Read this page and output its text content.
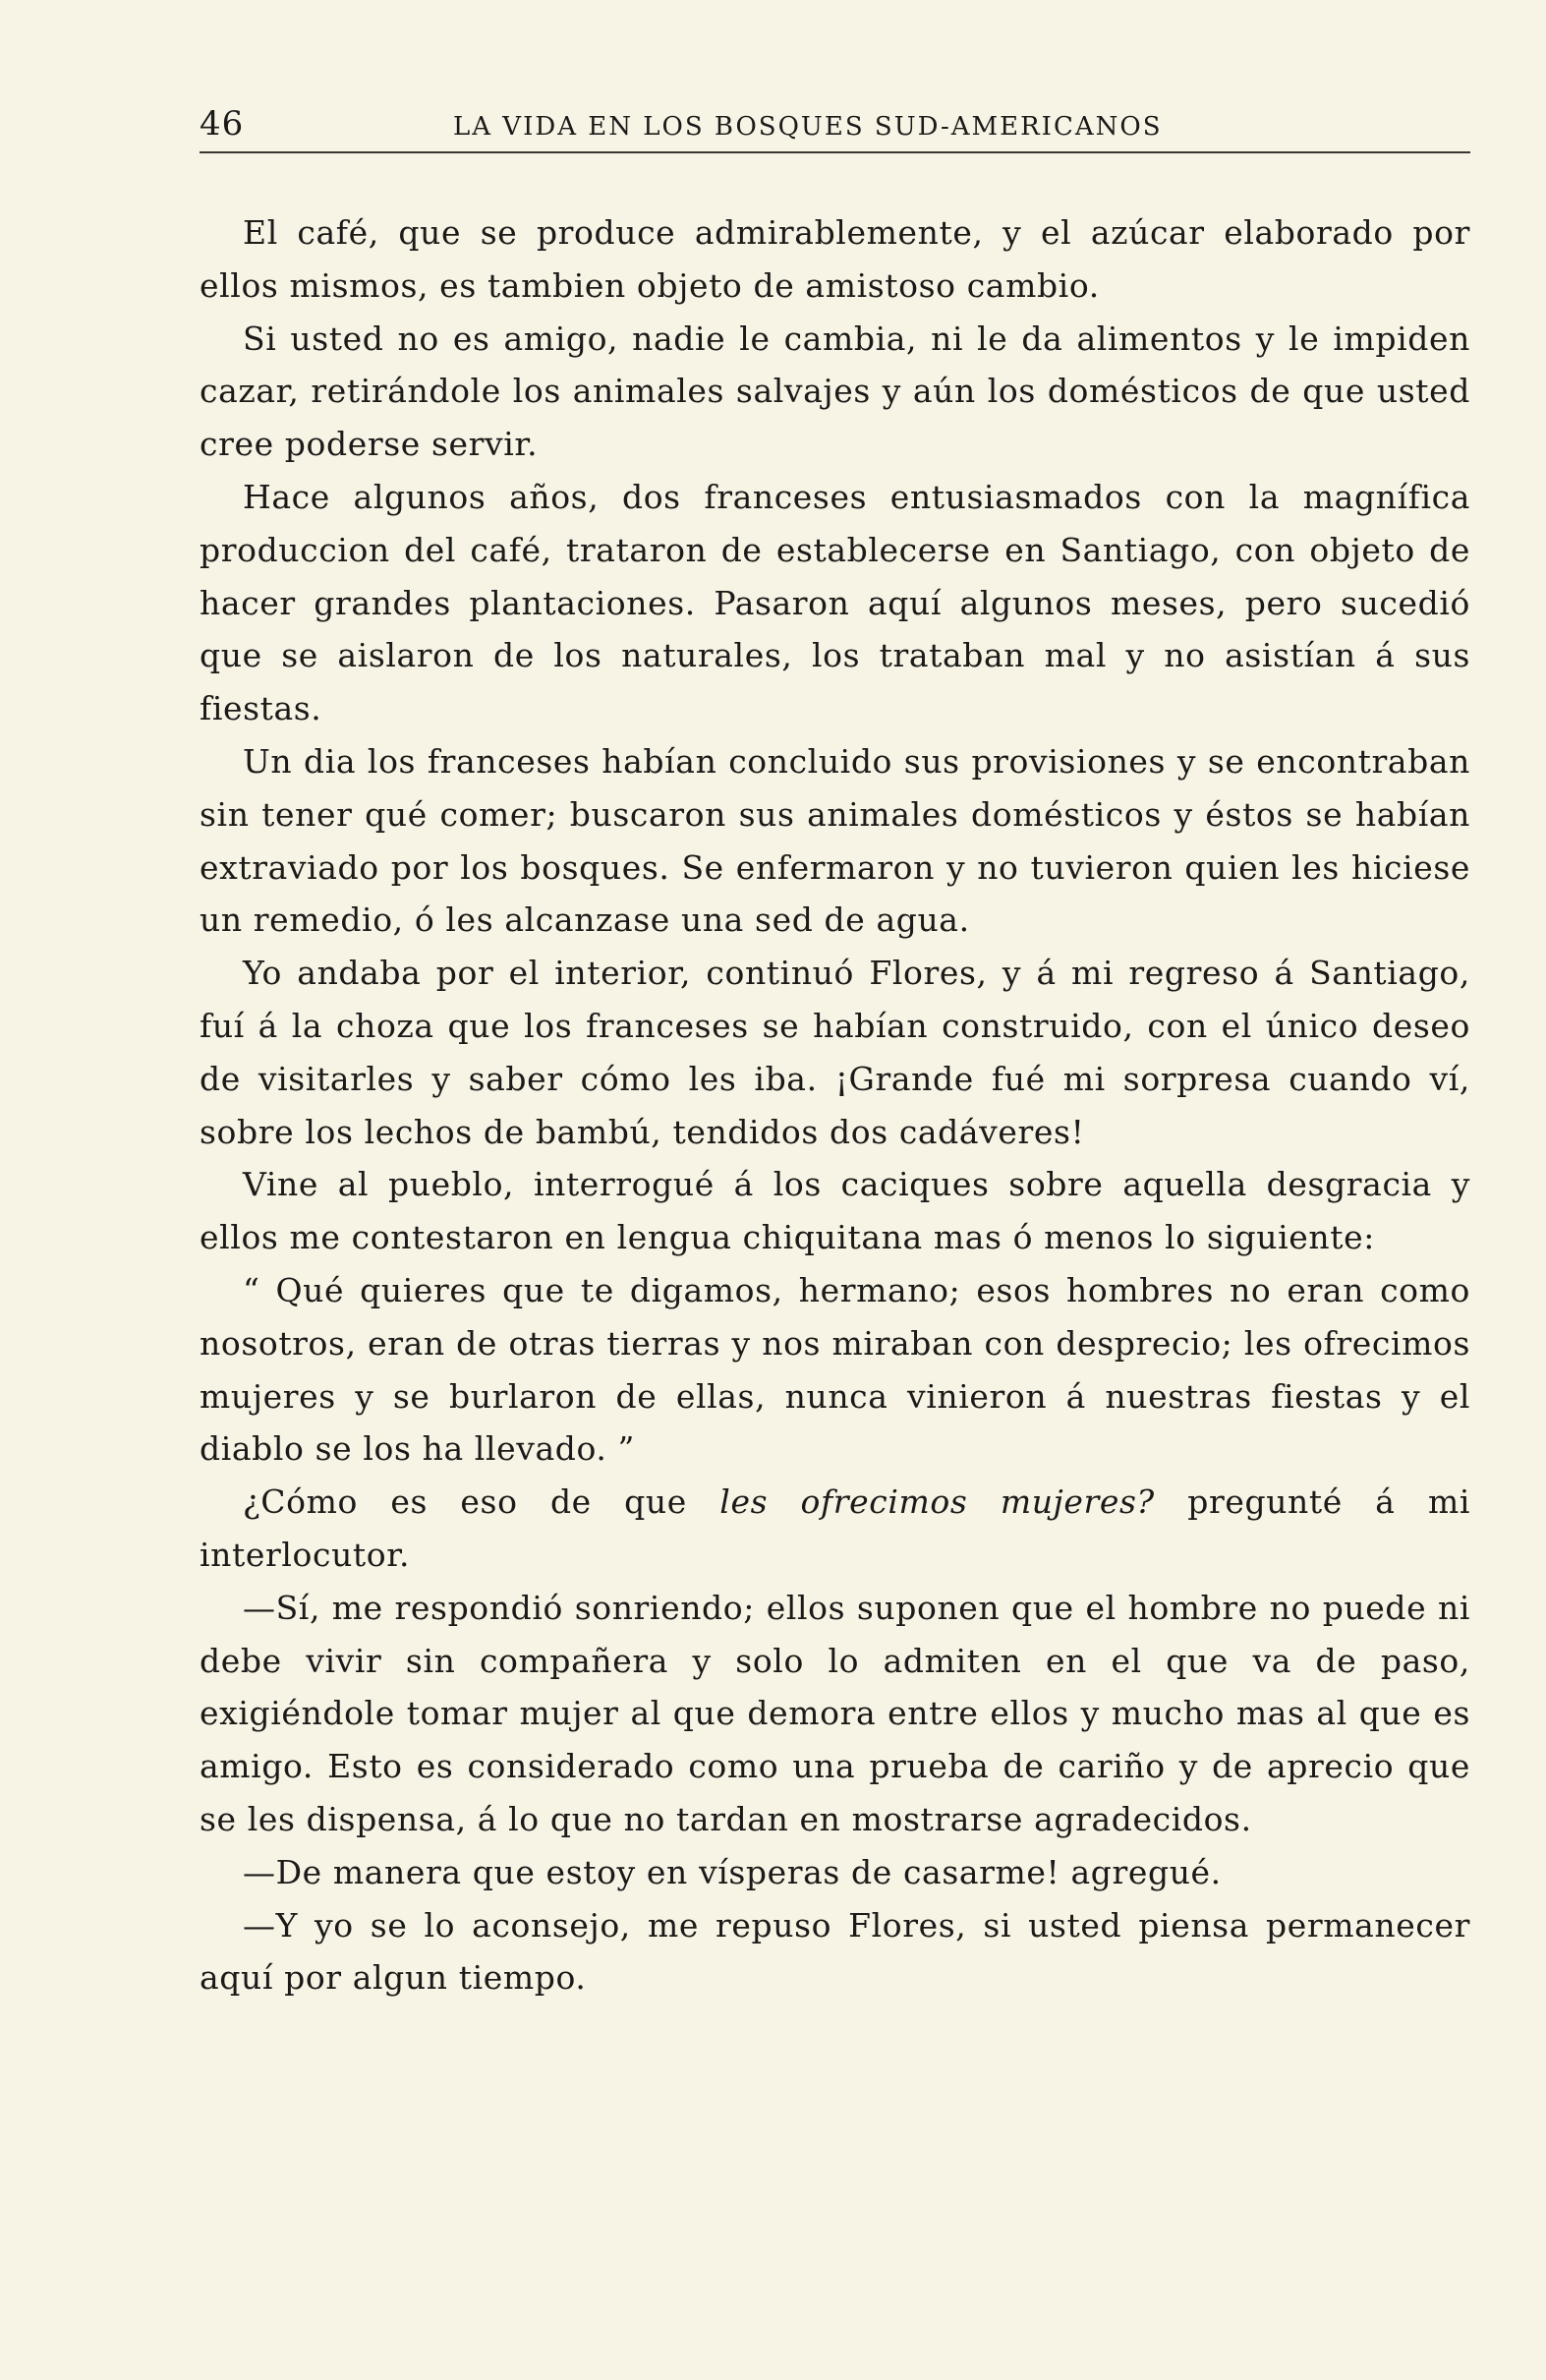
46	LA VIDA EN LOS BOSQUES SUD-AMERICANOS

El café, que se produce admirablemente, y el azúcar elaborado por ellos mismos, es tambien objeto de amistoso cambio.

Si usted no es amigo, nadie le cambia, ni le da alimentos y le impiden cazar, retirándole los animales salvajes y aún los domésticos de que usted cree poderse servir.

Hace algunos años, dos franceses entusiasmados con la magnífica produccion del café, trataron de establecerse en Santiago, con objeto de hacer grandes plantaciones. Pasaron aquí algunos meses, pero sucedió que se aislaron de los naturales, los trataban mal y no asistían á sus fiestas.

Un dia los franceses habían concluido sus provisiones y se encontraban sin tener qué comer; buscaron sus animales domésticos y éstos se habían extraviado por los bosques. Se enfermaron y no tuvieron quien les hiciese un remedio, ó les alcanzase una sed de agua.

Yo andaba por el interior, continuó Flores, y á mi regreso á Santiago, fuí á la choza que los franceses se habían construido, con el único deseo de visitarles y saber cómo les iba. ¡Grande fué mi sorpresa cuando ví, sobre los lechos de bambú, tendidos dos cadáveres!

Vine al pueblo, interrogué á los caciques sobre aquella desgracia y ellos me contestaron en lengua chiquitana mas ó menos lo siguiente:

“ Qué quieres que te digamos, hermano; esos hombres no eran como nosotros, eran de otras tierras y nos miraban con desprecio; les ofrecimos mujeres y se burlaron de ellas, nunca vinieron á nuestras fiestas y el diablo se los ha llevado. ”

¿Cómo es eso de que les ofrecimos mujeres? pregunté á mi interlocutor.

—Sí, me respondió sonriendo; ellos suponen que el hombre no puede ni debe vivir sin compañera y solo lo admiten en el que va de paso, exigiéndole tomar mujer al que demora entre ellos y mucho mas al que es amigo. Esto es considerado como una prueba de cariño y de aprecio que se les dispensa, á lo que no tardan en mostrarse agradecidos.

—De manera que estoy en vísperas de casarme! agregué.

—Y yo se lo aconsejo, me repuso Flores, si usted piensa permanecer aquí por algun tiempo.
